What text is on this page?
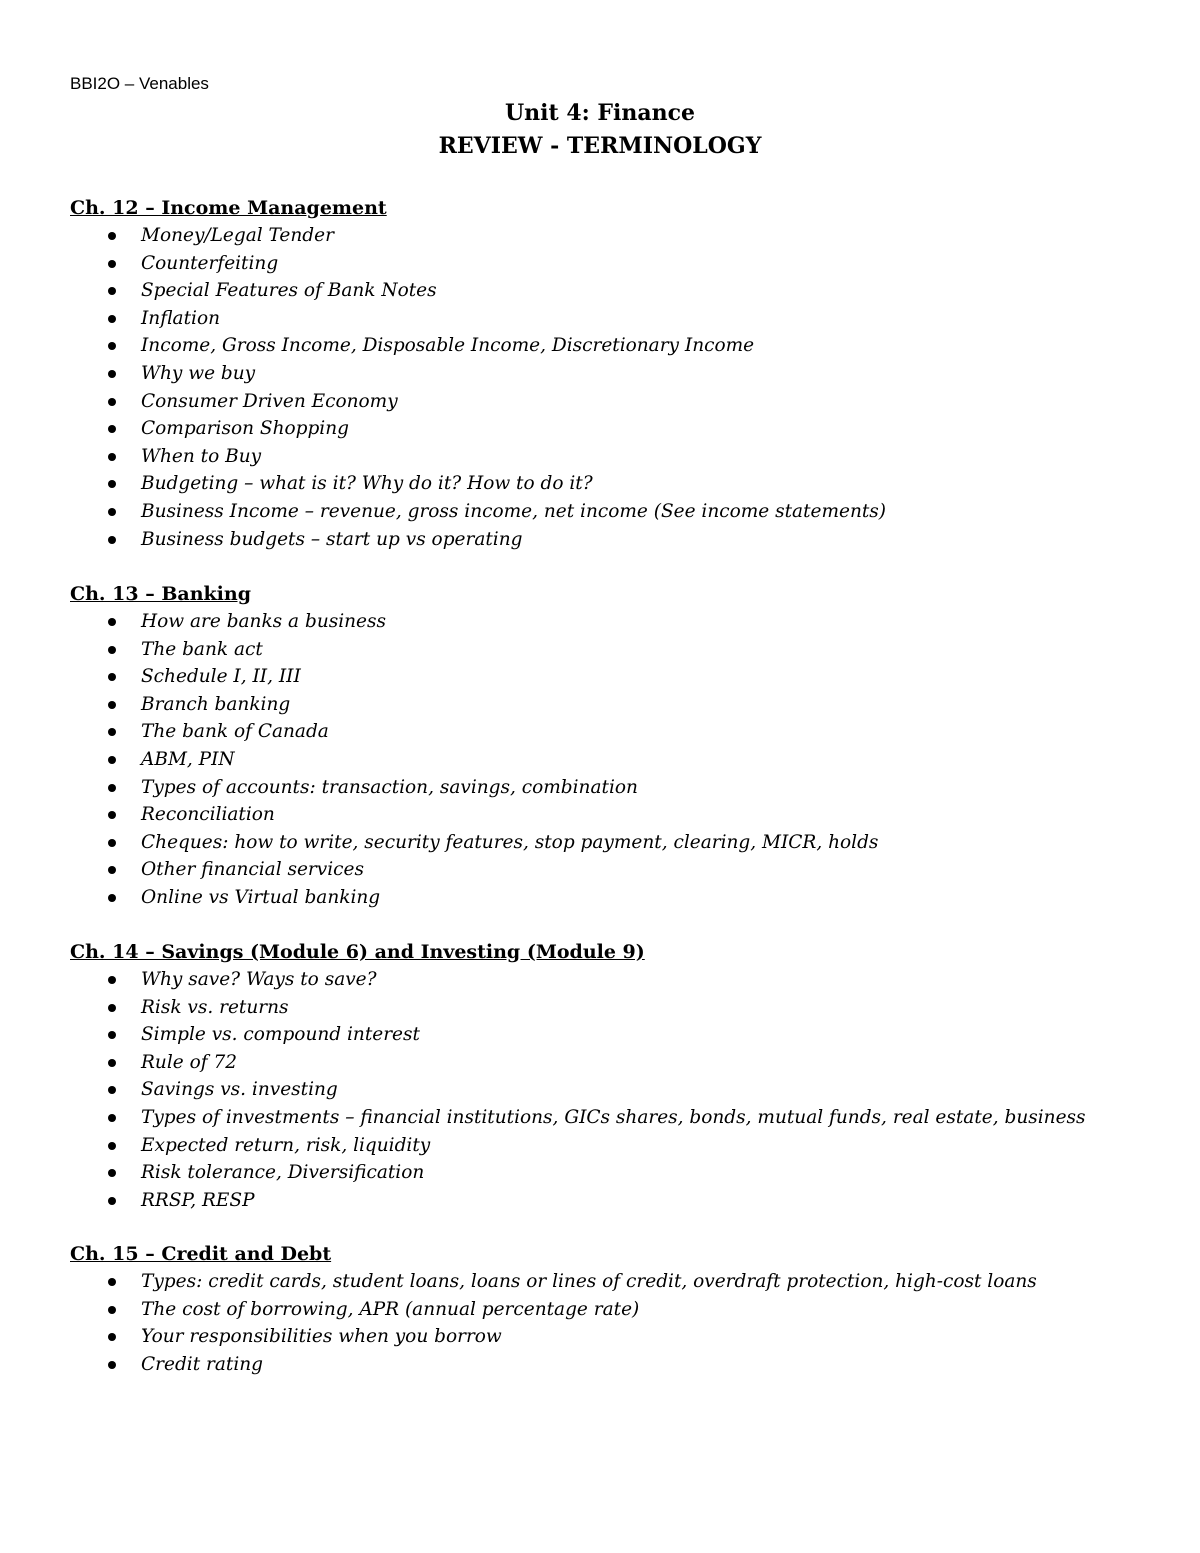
BBI2O – Venables
Unit 4: Finance
REVIEW - TERMINOLOGY
Ch. 12 – Income Management
Money/Legal Tender
Counterfeiting
Special Features of Bank Notes
Inflation
Income, Gross Income, Disposable Income, Discretionary Income
Why we buy
Consumer Driven Economy
Comparison Shopping
When to Buy
Budgeting – what is it? Why do it? How to do it?
Business Income – revenue, gross income, net income (See income statements)
Business budgets – start up vs operating
Ch. 13 – Banking
How are banks a business
The bank act
Schedule I, II, III
Branch banking
The bank of Canada
ABM, PIN
Types of accounts: transaction, savings, combination
Reconciliation
Cheques: how to write, security features, stop payment, clearing, MICR, holds
Other financial services
Online vs Virtual banking
Ch. 14 – Savings (Module 6) and Investing (Module 9)
Why save? Ways to save?
Risk vs. returns
Simple vs. compound interest
Rule of 72
Savings vs. investing
Types of investments – financial institutions, GICs shares, bonds, mutual funds, real estate, business
Expected return, risk, liquidity
Risk tolerance, Diversification
RRSP, RESP
Ch. 15 – Credit and Debt
Types: credit cards, student loans, loans or lines of credit, overdraft protection, high-cost loans
The cost of borrowing, APR (annual percentage rate)
Your responsibilities when you borrow
Credit rating
